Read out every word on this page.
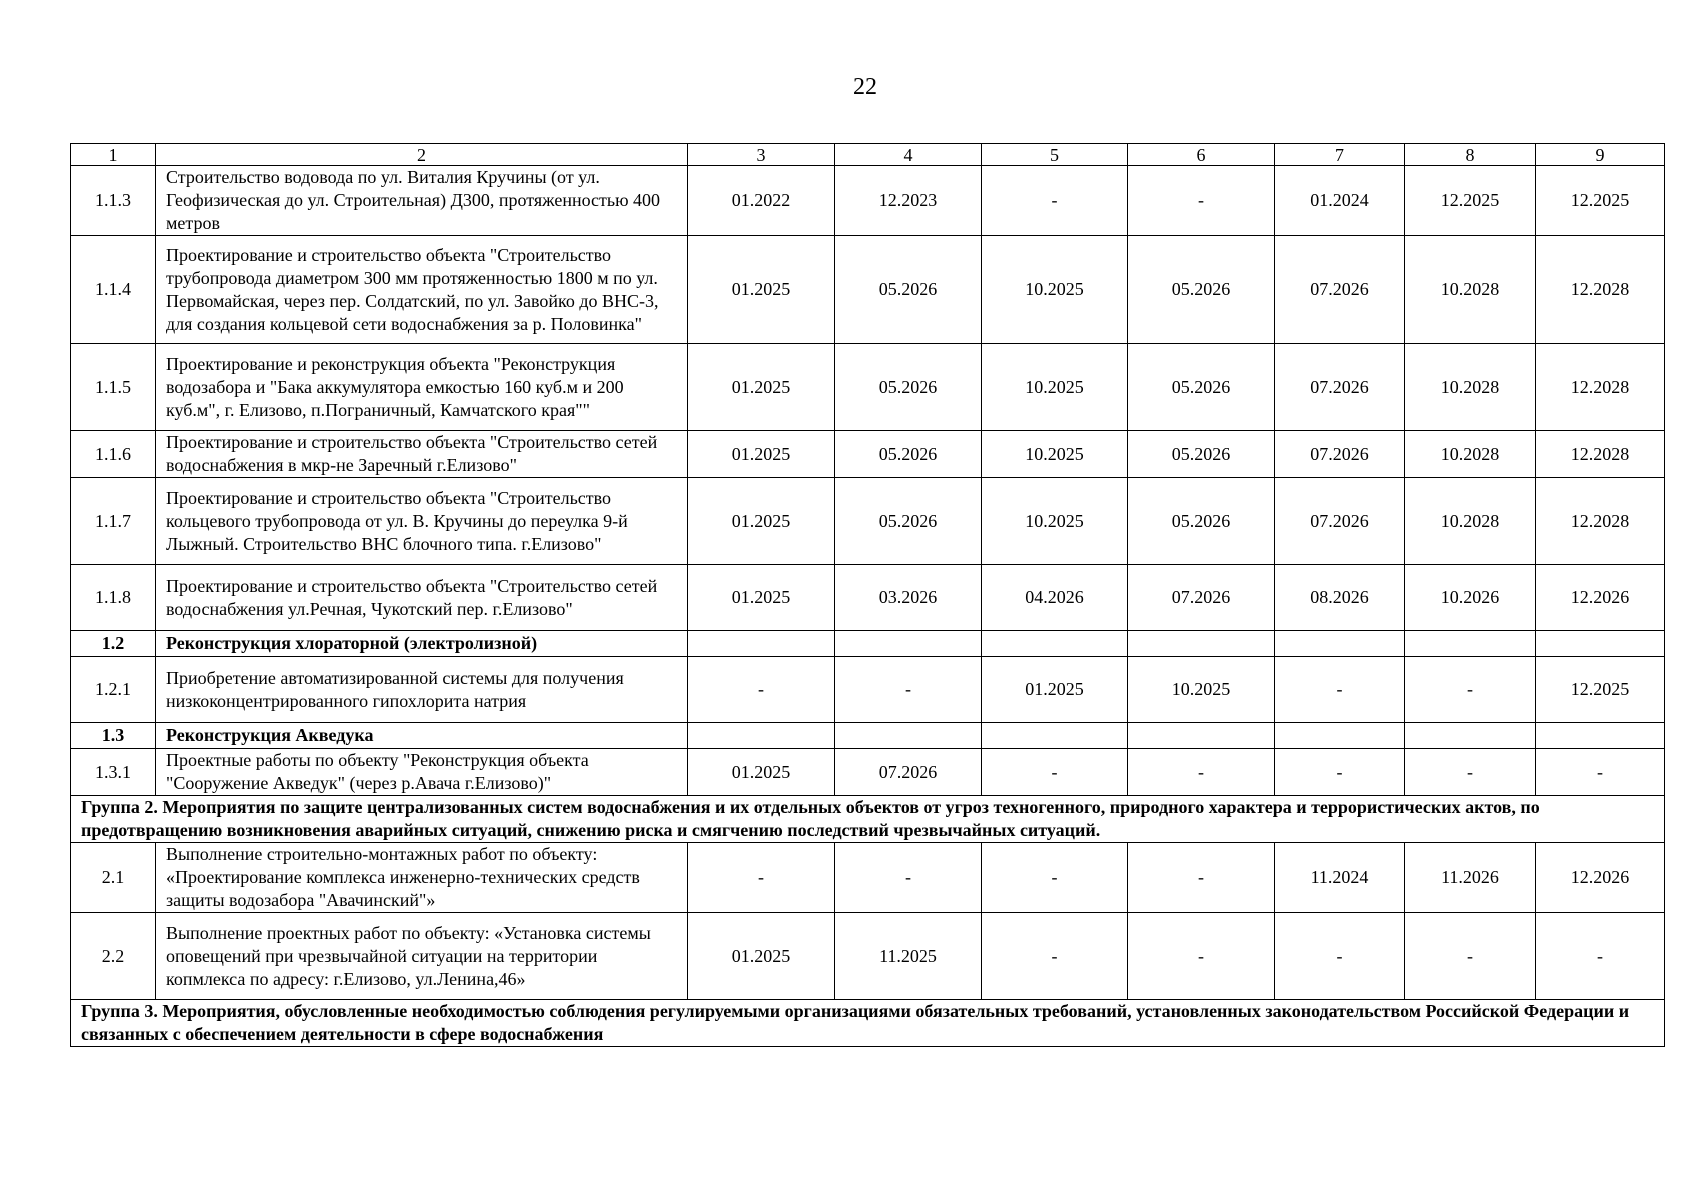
22
1	2	3	4	5	6	7	8	9
1.1.3	Строительство водовода по ул. Виталия Кручины (от ул. Геофизическая до ул. Строительная) Д300, протяженностью 400 метров	01.2022	12.2023	-	-	01.2024	12.2025	12.2025
1.1.4	Проектирование и строительство объекта "Строительство трубопровода диаметром 300 мм протяженностью 1800 м по ул. Первомайская, через пер. Солдатский, по ул. Завойко до ВНС-3, для создания кольцевой сети водоснабжения за р. Половинка"	01.2025	05.2026	10.2025	05.2026	07.2026	10.2028	12.2028
1.1.5	Проектирование и реконструкция объекта "Реконструкция водозабора и "Бака аккумулятора емкостью 160 куб.м и 200 куб.м", г. Елизово, п.Пограничный, Камчатского края""	01.2025	05.2026	10.2025	05.2026	07.2026	10.2028	12.2028
1.1.6	Проектирование и строительство объекта "Строительство сетей водоснабжения в мкр-не Заречный г.Елизово"	01.2025	05.2026	10.2025	05.2026	07.2026	10.2028	12.2028
1.1.7	Проектирование и строительство объекта "Строительство кольцевого трубопровода от ул. В. Кручины до переулка 9-й Лыжный. Строительство ВНС блочного типа. г.Елизово"	01.2025	05.2026	10.2025	05.2026	07.2026	10.2028	12.2028
1.1.8	Проектирование и строительство объекта "Строительство сетей водоснабжения ул.Речная, Чукотский пер. г.Елизово"	01.2025	03.2026	04.2026	07.2026	08.2026	10.2026	12.2026
1.2	Реконструкция хлораторной (электролизной)							
1.2.1	Приобретение автоматизированной системы для получения низкоконцентрированного гипохлорита натрия	-	-	01.2025	10.2025	-	-	12.2025
1.3	Реконструкция Акведука							
1.3.1	Проектные работы по объекту "Реконструкция объекта "Сооружение Акведук" (через р.Авача г.Елизово)"	01.2025	07.2026	-	-	-	-	-
Группа 2. Мероприятия по защите централизованных систем водоснабжения и их отдельных объектов от угроз техногенного, природного характера и террористических актов, по предотвращению возникновения аварийных ситуаций, снижению риска и смягчению последствий чрезвычайных ситуаций.								
2.1	Выполнение строительно-монтажных работ по объекту: «Проектирование комплекса инженерно-технических средств защиты водозабора "Авачинский"»	-	-	-	-	11.2024	11.2026	12.2026
2.2	Выполнение проектных работ по объекту: «Установка системы оповещений при чрезвычайной ситуации на территории копмлекса по адресу: г.Елизово, ул.Ленина,46»	01.2025	11.2025	-	-	-	-	-
Группа 3. Мероприятия, обусловленные необходимостью соблюдения регулируемыми организациями обязательных требований, установленных законодательством Российской Федерации и связанных с обеспечением деятельности в сфере водоснабжения								
